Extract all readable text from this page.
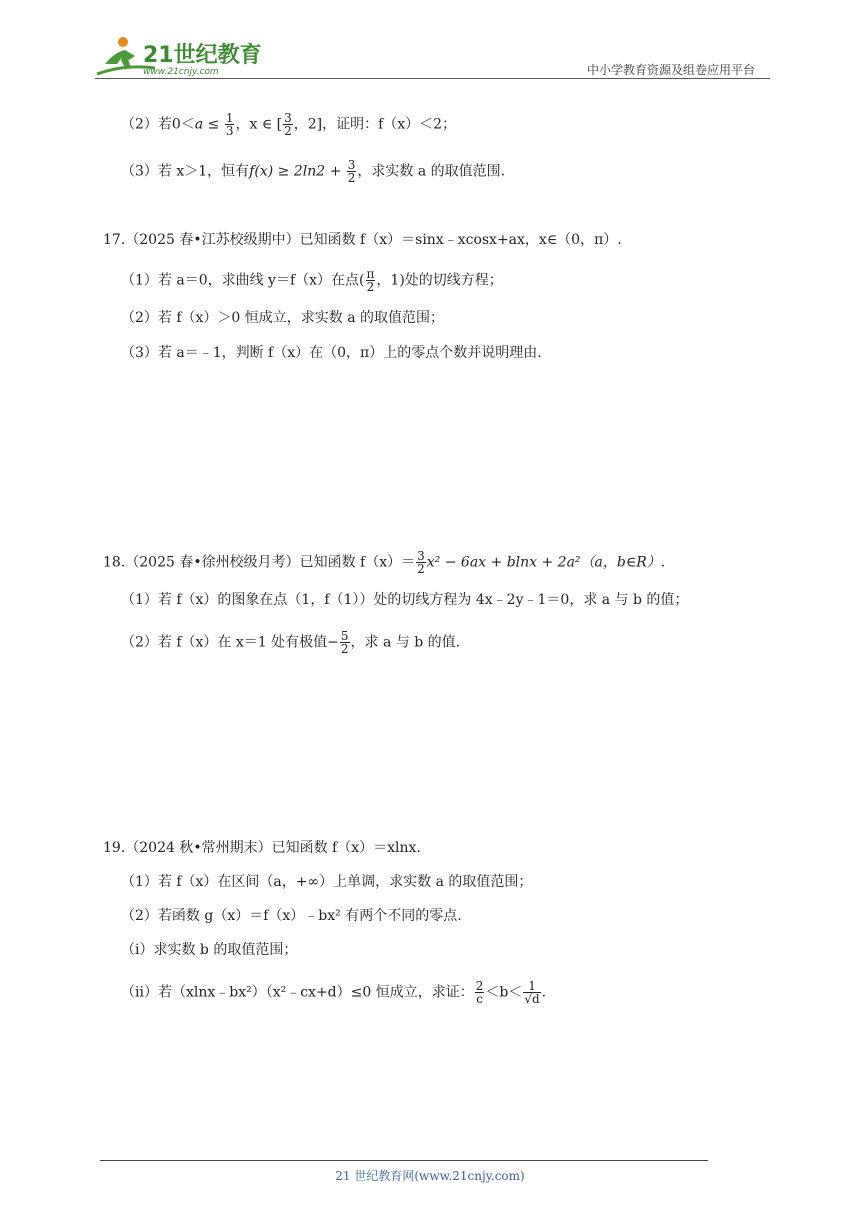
21世纪教育
www.21cnjy.com	中小学教育资源及组卷应用平台
（2）若$0<a \le \frac{1}{3}$ ，x ∈ [ $\frac{3}{2}$ ，2]，证明：f（x）＜2；
（3）若 x＞1，恒有$f(x) \ge 2\ln 2 + \frac{3}{2}$ ，求实数 a 的取值范围.
17.（2025 春•江苏校级期中）已知函数 f（x）＝sinx﹣xcosx+ax，x∈（0，π）.
（1）若 a＝0，求曲线 y＝f（x）在点( $\frac{\pi}{2}$ ，1)处的切线方程；
（2）若 f（x）＞0 恒成立，求实数 a 的取值范围；
（3）若 a＝﹣1，判断 f（x）在（0，π）上的零点个数并说明理由.
18.（2025 春•徐州校级月考）已知函数 $f(x)= \frac{3}{2} x^2 - 6ax + blnx + 2a^2(a$，b∈R）.
（1）若 f（x）的图象在点（1，f（1））处的切线方程为 4x﹣2y﹣1＝0，求 a 与 b 的值；
（2）若 f（x）在 x＝1 处有极值− $\frac{5}{2}$ ，求 a 与 b 的值.
19.（2024 秋•常州期末）已知函数 f（x）＝xlnx.
（1）若 f（x）在区间（a，+∞）上单调，求实数 a 的取值范围；
（2）若函数 g（x）＝f（x）﹣bx² 有两个不同的零点.
（i）求实数 b 的取值范围；
（ii）若（xlnx﹣bx²）（x²﹣cx+d）≤0 恒成立，求证： $\frac{2}{c} <b< \frac{1}{√d}$ .
21 世纪教育网(www.21cnjy.com)
